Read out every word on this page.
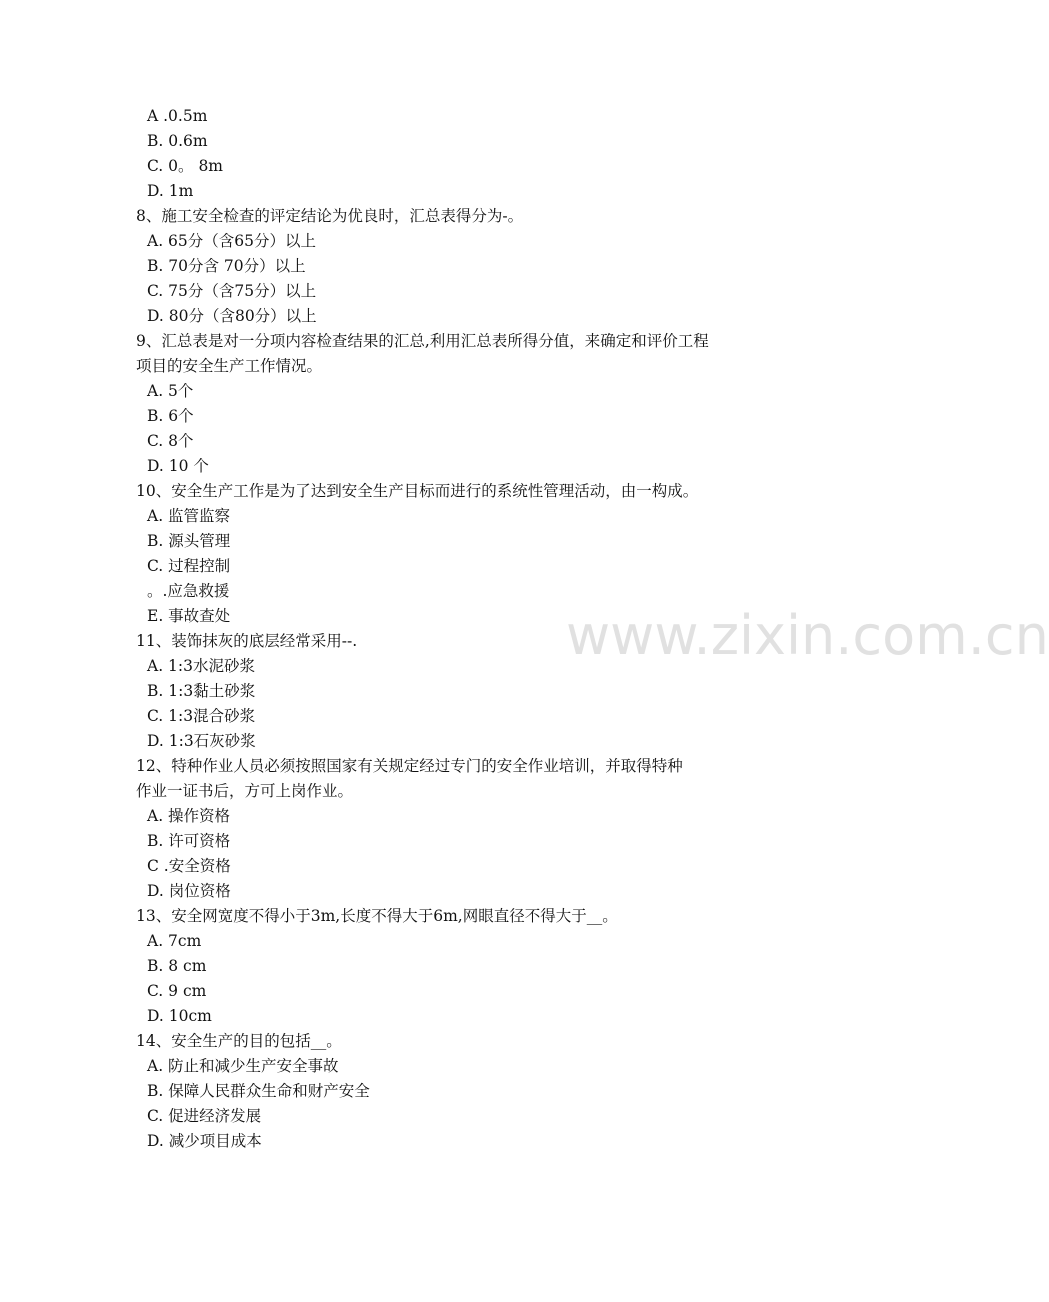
A .0.5m
B. 0.6m
C. 0。 8m
D. 1m
8、施工安全检查的评定结论为优良时，汇总表得分为-。
A. 65分（含65分）以上
B. 70分含 70分）以上
C. 75分（含75分）以上
D. 80分（含80分）以上
9、汇总表是对一分项内容检查结果的汇总,利用汇总表所得分值，来确定和评价工程
项目的安全生产工作情况。
A. 5个
B. 6个
C. 8个
D. 10 个
10、安全生产工作是为了达到安全生产目标而进行的系统性管理活动，由一构成。
A. 监管监察
B. 源头管理
C. 过程控制
。.应急救援
E. 事故查处
11、装饰抹灰的底层经常采用--.
A. 1:3水泥砂浆
B. 1:3黏土砂浆
C. 1:3混合砂浆
D. 1:3石灰砂浆
12、特种作业人员必须按照国家有关规定经过专门的安全作业培训，并取得特种
作业一证书后，方可上岗作业。
A. 操作资格
B. 许可资格
C .安全资格
D. 岗位资格
13、安全网宽度不得小于3m,长度不得大于6m,网眼直径不得大于__。
A. 7cm
B. 8 cm
C. 9 cm
D. 10cm
14、安全生产的目的包括__。
A. 防止和减少生产安全事故
B. 保障人民群众生命和财产安全
C. 促进经济发展
D. 减少项目成本
www.zixin.com.cn
